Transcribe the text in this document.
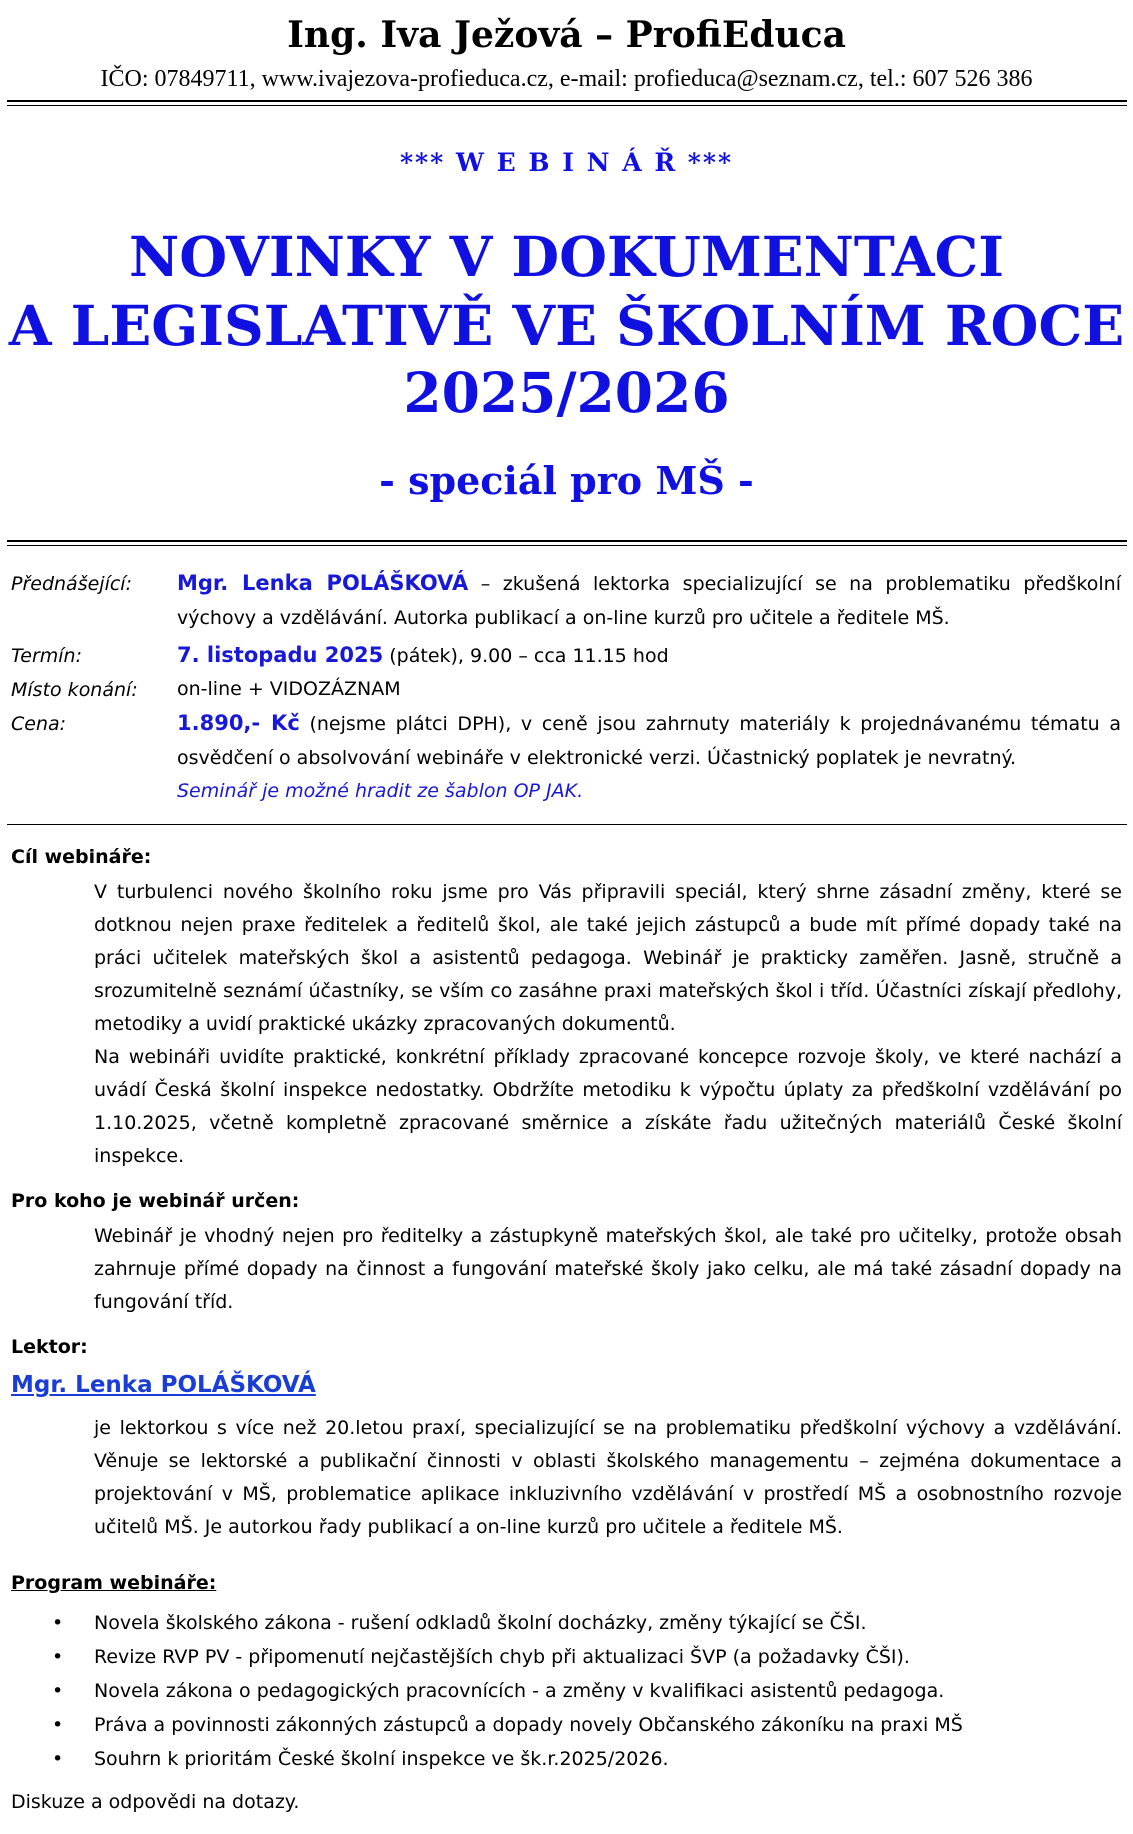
Ing. Iva Ježová – ProfiEduca
IČO: 07849711, www.ivajezova-profieduca.cz, e-mail: profieduca@seznam.cz, tel.: 607 526 386
*** W E B I N Á Ř ***
NOVINKY V DOKUMENTACI
A LEGISLATIVĚ VE ŠKOLNÍM ROCE
2025/2026
- speciál pro MŠ -
Přednášející: Mgr. Lenka POLÁŠKOVÁ – zkušená lektorka specializující se na problematiku předškolní výchovy a vzdělávání. Autorka publikací a on-line kurzů pro učitele a ředitele MŠ.
Termín:	7. listopadu 2025 (pátek), 9.00 – cca 11.15 hod
Místo konání: on-line + VIDOZÁZNAM
Cena:	1.890,- Kč (nejsme plátci DPH), v ceně jsou zahrnuty materiály k projednávanému tématu a osvědčení o absolvování webináře v elektronické verzi. Účastnický poplatek je nevratný.
Seminář je možné hradit ze šablon OP JAK.
Cíl webináře:
V turbulenci nového školního roku jsme pro Vás připravili speciál, který shrne zásadní změny, které se dotknou nejen praxe ředitelek a ředitelů škol, ale také jejich zástupců a bude mít přímé dopady také na práci učitelek mateřských škol a asistentů pedagoga. Webinář je prakticky zaměřen. Jasně, stručně a srozumitelně seznámí účastníky, se vším co zasáhne praxi mateřských škol i tříd. Účastníci získají předlohy, metodiky a uvidí praktické ukázky zpracovaných dokumentů.
Na webináři uvidíte praktické, konkrétní příklady zpracované koncepce rozvoje školy, ve které nachází a uvádí Česká školní inspekce nedostatky. Obdržíte metodiku k výpočtu úplaty za předškolní vzdělávání po 1.10.2025, včetně kompletně zpracované směrnice a získáte řadu užitečných materiálů České školní inspekce.
Pro koho je webinář určen:
Webinář je vhodný nejen pro ředitelky a zástupkyně mateřských škol, ale také pro učitelky, protože obsah zahrnuje přímé dopady na činnost a fungování mateřské školy jako celku, ale má také zásadní dopady na fungování tříd.
Lektor:
Mgr. Lenka POLÁŠKOVÁ
je lektorkou s více než 20.letou praxí, specializující se na problematiku předškolní výchovy a vzdělávání. Věnuje se lektorské a publikační činnosti v oblasti školského managementu – zejména dokumentace a projektování v MŠ, problematice aplikace inkluzivního vzdělávání v prostředí MŠ a osobnostního rozvoje učitelů MŠ. Je autorkou řady publikací a on-line kurzů pro učitele a ředitele MŠ.
Program webináře:
• Novela školského zákona - rušení odkladů školní docházky, změny týkající se ČŠI.
• Revize RVP PV - připomenutí nejčastějších chyb při aktualizaci ŠVP (a požadavky ČŠI).
• Novela zákona o pedagogických pracovnících - a změny v kvalifikaci asistentů pedagoga.
• Práva a povinnosti zákonných zástupců a dopady novely Občanského zákoníku na praxi MŠ
• Souhrn k prioritám České školní inspekce ve šk.r.2025/2026.
Diskuze a odpovědi na dotazy.
